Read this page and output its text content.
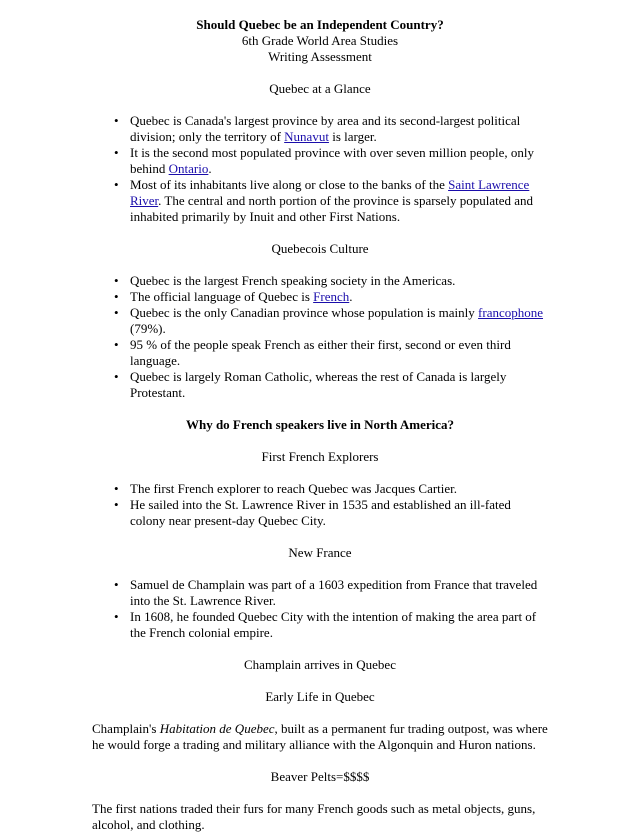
Should Quebec be an Independent Country?
6th Grade World Area Studies
Writing Assessment
Quebec at a Glance
• Quebec is Canada's largest province by area and its second-largest political division; only the territory of Nunavut is larger.
• It is the second most populated province with over seven million people, only behind Ontario.
• Most of its inhabitants live along or close to the banks of the Saint Lawrence River. The central and north portion of the province is sparsely populated and inhabited primarily by Inuit and other First Nations.
Quebecois Culture
• Quebec is the largest French speaking society in the Americas.
• The official language of Quebec is French.
• Quebec is the only Canadian province whose population is mainly francophone (79%).
• 95 % of the people speak French as either their first, second or even third language.
• Quebec is largely Roman Catholic, whereas the rest of Canada is largely Protestant.
Why do French speakers live in North America?
First French Explorers
• The first French explorer to reach Quebec was Jacques Cartier.
• He sailed into the St. Lawrence River in 1535 and established an ill-fated colony near present-day Quebec City.
New France
• Samuel de Champlain was part of a 1603 expedition from France that traveled into the St. Lawrence River.
• In 1608, he founded Quebec City with the intention of making the area part of the French colonial empire.
Champlain arrives in Quebec
Early Life in Quebec
Champlain's Habitation de Quebec, built as a permanent fur trading outpost, was where he would forge a trading and military alliance with the Algonquin and Huron nations.
Beaver Pelts=$$$$
The first nations traded their furs for many French goods such as metal objects, guns, alcohol, and clothing.
